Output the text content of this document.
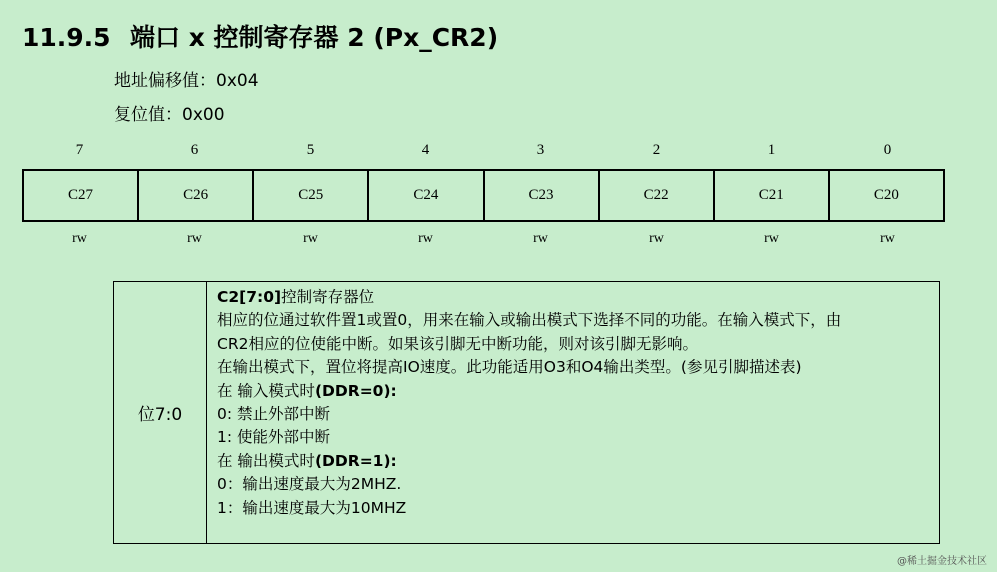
11.9.5 端口 x 控制寄存器 2 (Px_CR2)
地址偏移值：0x04
复位值：0x00
7	6	5	4	3	2	1	0
C27	C26	C25	C24	C23	C22	C21	C20
rw	rw	rw	rw	rw	rw	rw	rw
位7:0
C2[7:0]控制寄存器位
相应的位通过软件置1或置0，用来在输入或输出模式下选择不同的功能。在输入模式下，由
CR2相应的位使能中断。如果该引脚无中断功能，则对该引脚无影响。
在输出模式下，置位将提高IO速度。此功能适用O3和O4输出类型。(参见引脚描述表)
在 输入模式时(DDR=0):
0: 禁止外部中断
1: 使能外部中断
在 输出模式时(DDR=1):
0：输出速度最大为2MHZ.
1：输出速度最大为10MHZ
@稀土掘金技术社区
